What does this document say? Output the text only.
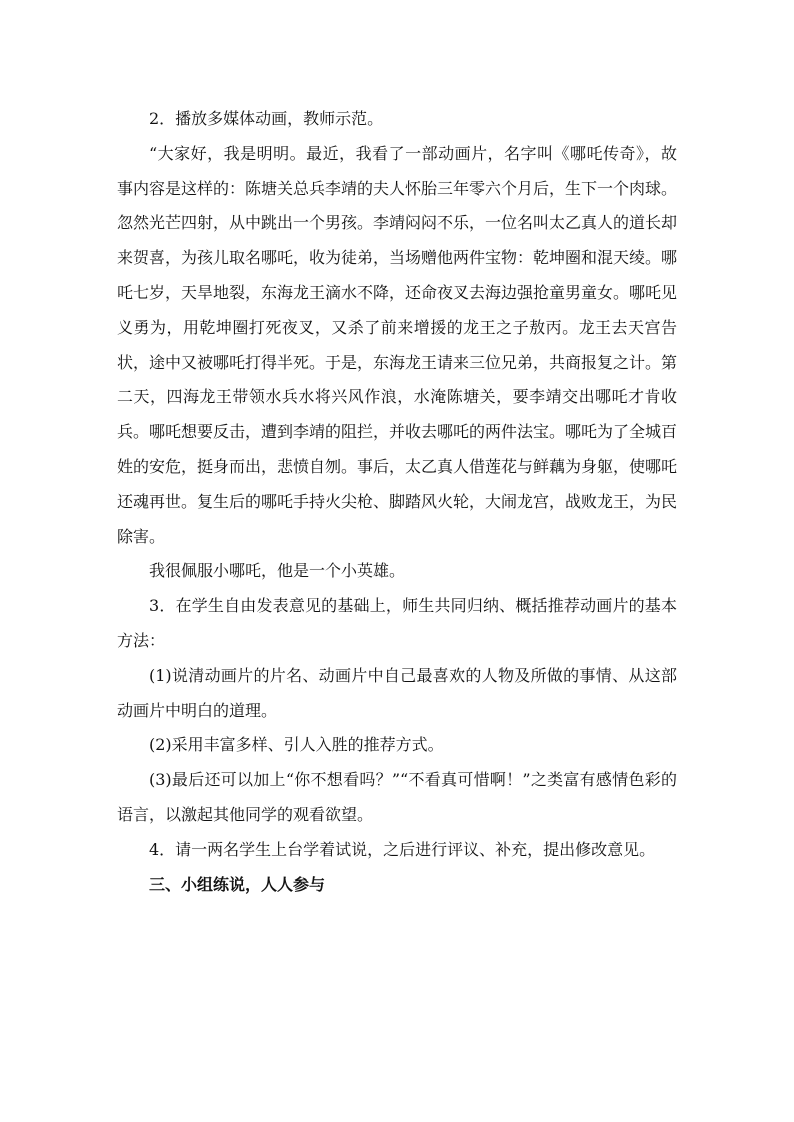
2．播放多媒体动画，教师示范。

“大家好，我是明明。最近，我看了一部动画片，名字叫《哪吒传奇》，故事内容是这样的：陈塘关总兵李靖的夫人怀胎三年零六个月后，生下一个肉球。忽然光芒四射，从中跳出一个男孩。李靖闷闷不乐，一位名叫太乙真人的道长却来贺喜，为孩儿取名哪吒，收为徒弟，当场赠他两件宝物：乾坤圈和混天绫。哪吒七岁，天旱地裂，东海龙王滴水不降，还命夜叉去海边强抢童男童女。哪吒见义勇为，用乾坤圈打死夜叉，又杀了前来增援的龙王之子敖丙。龙王去天宫告状，途中又被哪吒打得半死。于是，东海龙王请来三位兄弟，共商报复之计。第二天，四海龙王带领水兵水将兴风作浪，水淹陈塘关，要李靖交出哪吒才肯收兵。哪吒想要反击，遭到李靖的阻拦，并收去哪吒的两件法宝。哪吒为了全城百姓的安危，挺身而出，悲愤自刎。事后，太乙真人借莲花与鲜藕为身躯，使哪吒还魂再世。复生后的哪吒手持火尖枪、脚踏风火轮，大闹龙宫，战败龙王，为民除害。

我很佩服小哪吒，他是一个小英雄。

3．在学生自由发表意见的基础上，师生共同归纳、概括推荐动画片的基本方法：

(1)说清动画片的片名、动画片中自己最喜欢的人物及所做的事情、从这部动画片中明白的道理。

(2)采用丰富多样、引人入胜的推荐方式。

(3)最后还可以加上“你不想看吗？”“不看真可惜啊！”之类富有感情色彩的语言，以激起其他同学的观看欲望。

4．请一两名学生上台学着试说，之后进行评议、补充，提出修改意见。

三、小组练说，人人参与
